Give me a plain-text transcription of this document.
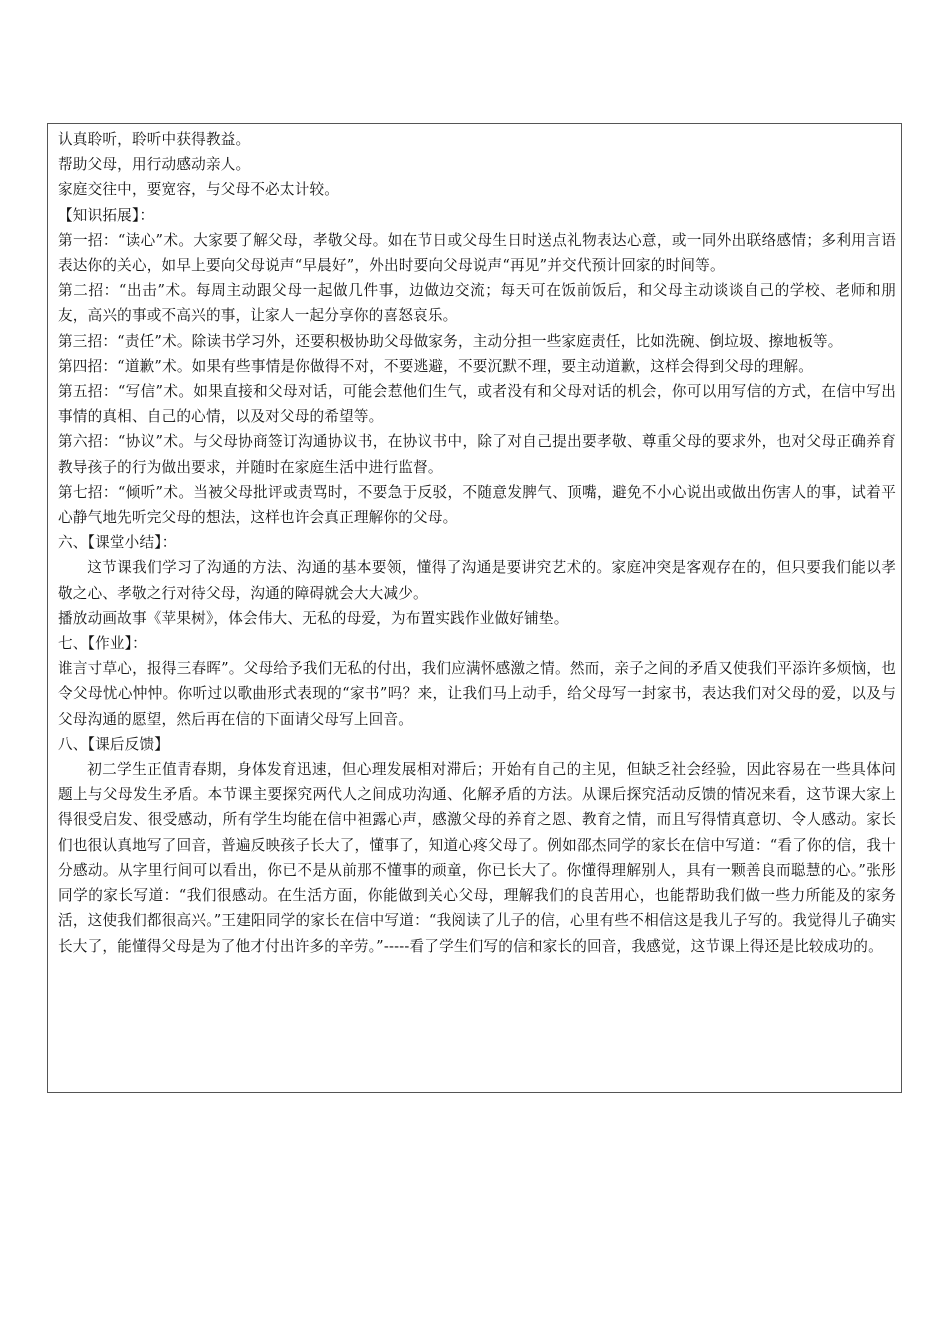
认真聆听，聆听中获得教益。
帮助父母，用行动感动亲人。
家庭交往中，要宽容，与父母不必太计较。
【知识拓展】：
第一招：“读心”术。大家要了解父母，孝敬父母。如在节日或父母生日时送点礼物表达心意，或一同外出联络感情；多利用言语表达你的关心，如早上要向父母说声“早晨好”，外出时要向父母说声“再见”并交代预计回家的时间等。
第二招：“出击”术。每周主动跟父母一起做几件事，边做边交流；每天可在饭前饭后，和父母主动谈谈自己的学校、老师和朋友，高兴的事或不高兴的事，让家人一起分享你的喜怒哀乐。
第三招：“责任”术。除读书学习外，还要积极协助父母做家务，主动分担一些家庭责任，比如洗碗、倒垃圾、擦地板等。
第四招：“道歉”术。如果有些事情是你做得不对，不要逃避，不要沉默不理，要主动道歉，这样会得到父母的理解。
第五招：“写信”术。如果直接和父母对话，可能会惹他们生气，或者没有和父母对话的机会，你可以用写信的方式，在信中写出事情的真相、自己的心情，以及对父母的希望等。
第六招：“协议”术。与父母协商签订沟通协议书，在协议书中，除了对自己提出要孝敬、尊重父母的要求外，也对父母正确养育教导孩子的行为做出要求，并随时在家庭生活中进行监督。
第七招：“倾听”术。当被父母批评或责骂时，不要急于反驳，不随意发脾气、顶嘴，避免不小心说出或做出伤害人的事，试着平心静气地先听完父母的想法，这样也许会真正理解你的父母。
六、【课堂小结】：
这节课我们学习了沟通的方法、沟通的基本要领，懂得了沟通是要讲究艺术的。家庭冲突是客观存在的，但只要我们能以孝敬之心、孝敬之行对待父母，沟通的障碍就会大大减少。
播放动画故事《苹果树》，体会伟大、无私的母爱，为布置实践作业做好铺垫。
七、【作业】：
谁言寸草心，报得三春晖”。父母给予我们无私的付出，我们应满怀感激之情。然而，亲子之间的矛盾又使我们平添许多烦恼，也令父母忧心忡忡。你听过以歌曲形式表现的“家书”吗？来，让我们马上动手，给父母写一封家书，表达我们对父母的爱，以及与父母沟通的愿望，然后再在信的下面请父母写上回音。
八、【课后反馈】
初二学生正值青春期，身体发育迅速，但心理发展相对滞后；开始有自己的主见，但缺乏社会经验，因此容易在一些具体问题上与父母发生矛盾。本节课主要探究两代人之间成功沟通、化解矛盾的方法。从课后探究活动反馈的情况来看，这节课大家上得很受启发、很受感动，所有学生均能在信中袒露心声，感激父母的养育之恩、教育之情，而且写得情真意切、令人感动。家长们也很认真地写了回音，普遍反映孩子长大了，懂事了，知道心疼父母了。例如邵杰同学的家长在信中写道：“看了你的信，我十分感动。从字里行间可以看出，你已不是从前那不懂事的顽童，你已长大了。你懂得理解别人，具有一颗善良而聪慧的心。”张彤同学的家长写道：“我们很感动。在生活方面，你能做到关心父母，理解我们的良苦用心，也能帮助我们做一些力所能及的家务活，这使我们都很高兴。”王建阳同学的家长在信中写道：“我阅读了儿子的信，心里有些不相信这是我儿子写的。我觉得儿子确实长大了，能懂得父母是为了他才付出许多的辛劳。”-----看了学生们写的信和家长的回音，我感觉，这节课上得还是比较成功的。
